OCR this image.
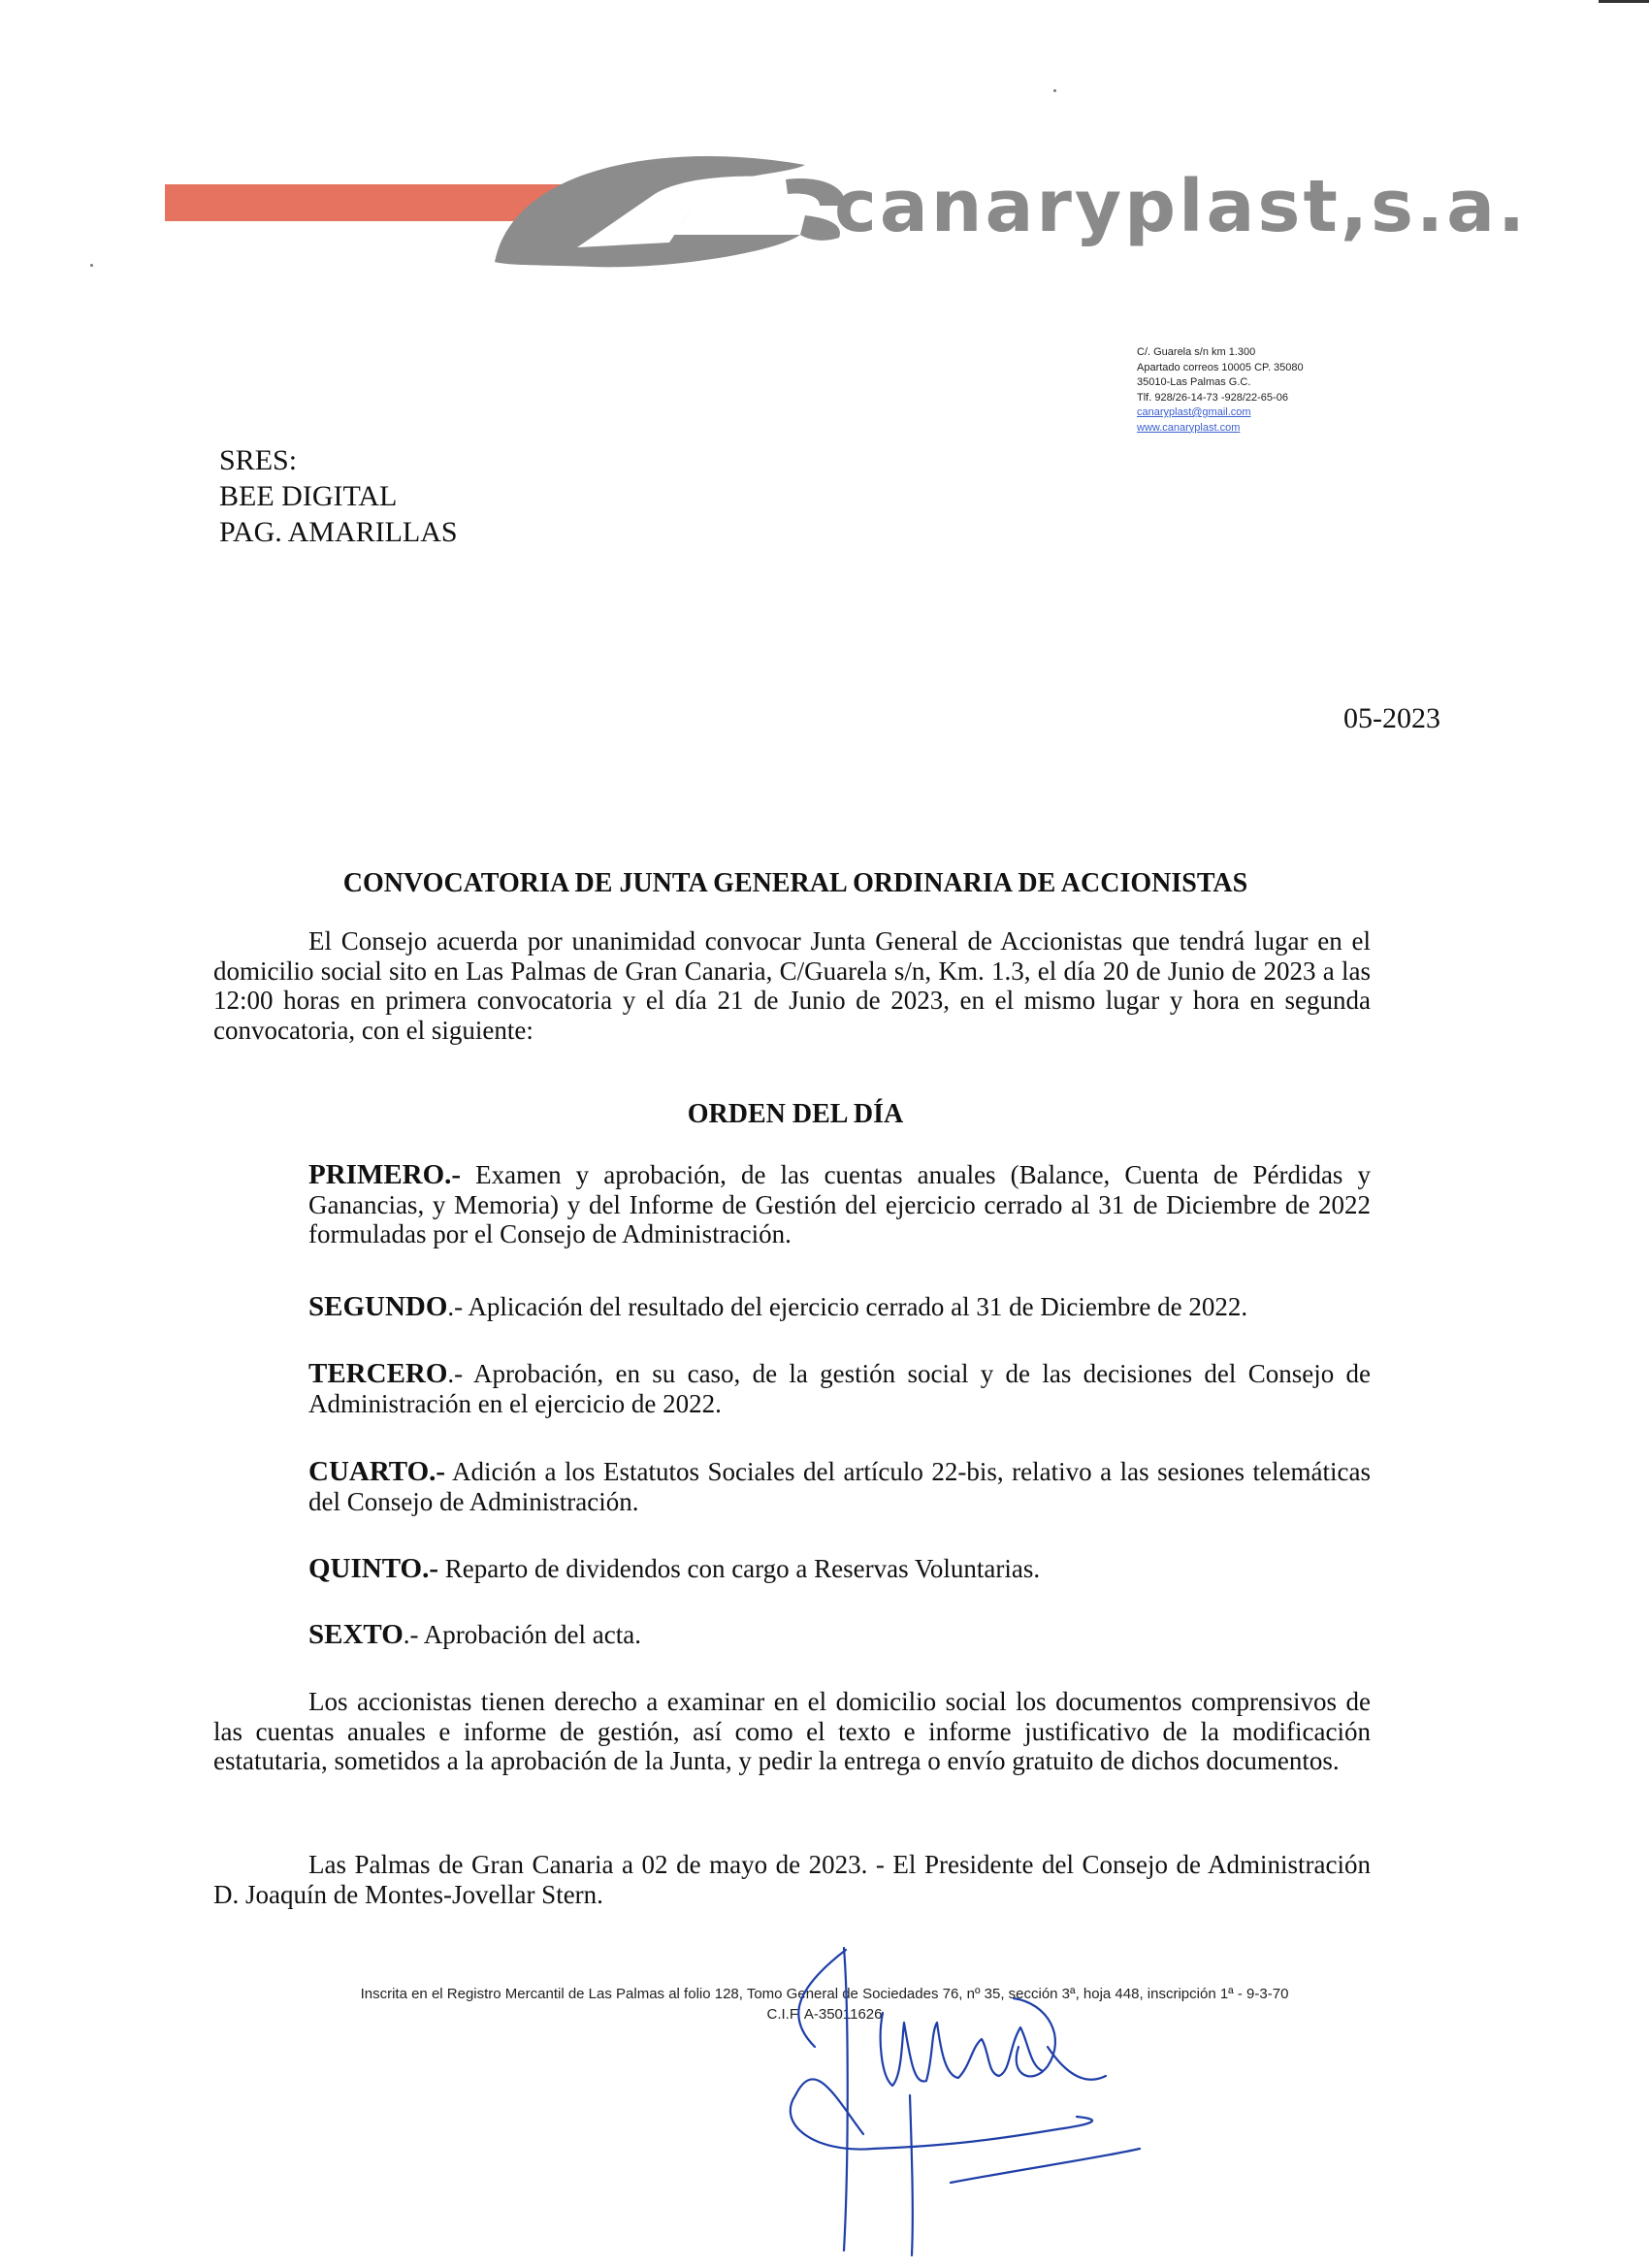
canaryplast,s.a.
C/. Guarela s/n km 1.300
Apartado correos 10005 CP. 35080
35010-Las Palmas G.C.
Tlf. 928/26-14-73 -928/22-65-06
canaryplast@gmail.com
www.canaryplast.com
SRES:
BEE DIGITAL
PAG. AMARILLAS
05-2023
CONVOCATORIA DE JUNTA GENERAL ORDINARIA DE ACCIONISTAS
El Consejo acuerda por unanimidad convocar Junta General de Accionistas que tendrá lugar en el domicilio social sito en Las Palmas de Gran Canaria, C/Guarela s/n, Km. 1.3, el día 20 de Junio de 2023 a las 12:00 horas en primera convocatoria y el día 21 de Junio de 2023, en el mismo lugar y hora en segunda convocatoria, con el siguiente:
ORDEN DEL DÍA
PRIMERO.- Examen y aprobación, de las cuentas anuales (Balance, Cuenta de Pérdidas y Ganancias, y Memoria) y del Informe de Gestión del ejercicio cerrado al 31 de Diciembre de 2022 formuladas por el Consejo de Administración.
SEGUNDO.- Aplicación del resultado del ejercicio cerrado al 31 de Diciembre de 2022.
TERCERO.- Aprobación, en su caso, de la gestión social y de las decisiones del Consejo de Administración en el ejercicio de 2022.
CUARTO.- Adición a los Estatutos Sociales del artículo 22-bis, relativo a las sesiones telemáticas del Consejo de Administración.
QUINTO.- Reparto de dividendos con cargo a Reservas Voluntarias.
SEXTO.- Aprobación del acta.
Los accionistas tienen derecho a examinar en el domicilio social los documentos comprensivos de las cuentas anuales e informe de gestión, así como el texto e informe justificativo de la modificación estatutaria, sometidos a la aprobación de la Junta, y pedir la entrega o envío gratuito de dichos documentos.
Las Palmas de Gran Canaria a 02 de mayo de 2023. - El Presidente del Consejo de Administración D. Joaquín de Montes-Jovellar Stern.
Inscrita en el Registro Mercantil de Las Palmas al folio 128, Tomo General de Sociedades 76, nº 35, sección 3ª, hoja 448, inscripción 1ª - 9-3-70
C.I.F. A-35011626
